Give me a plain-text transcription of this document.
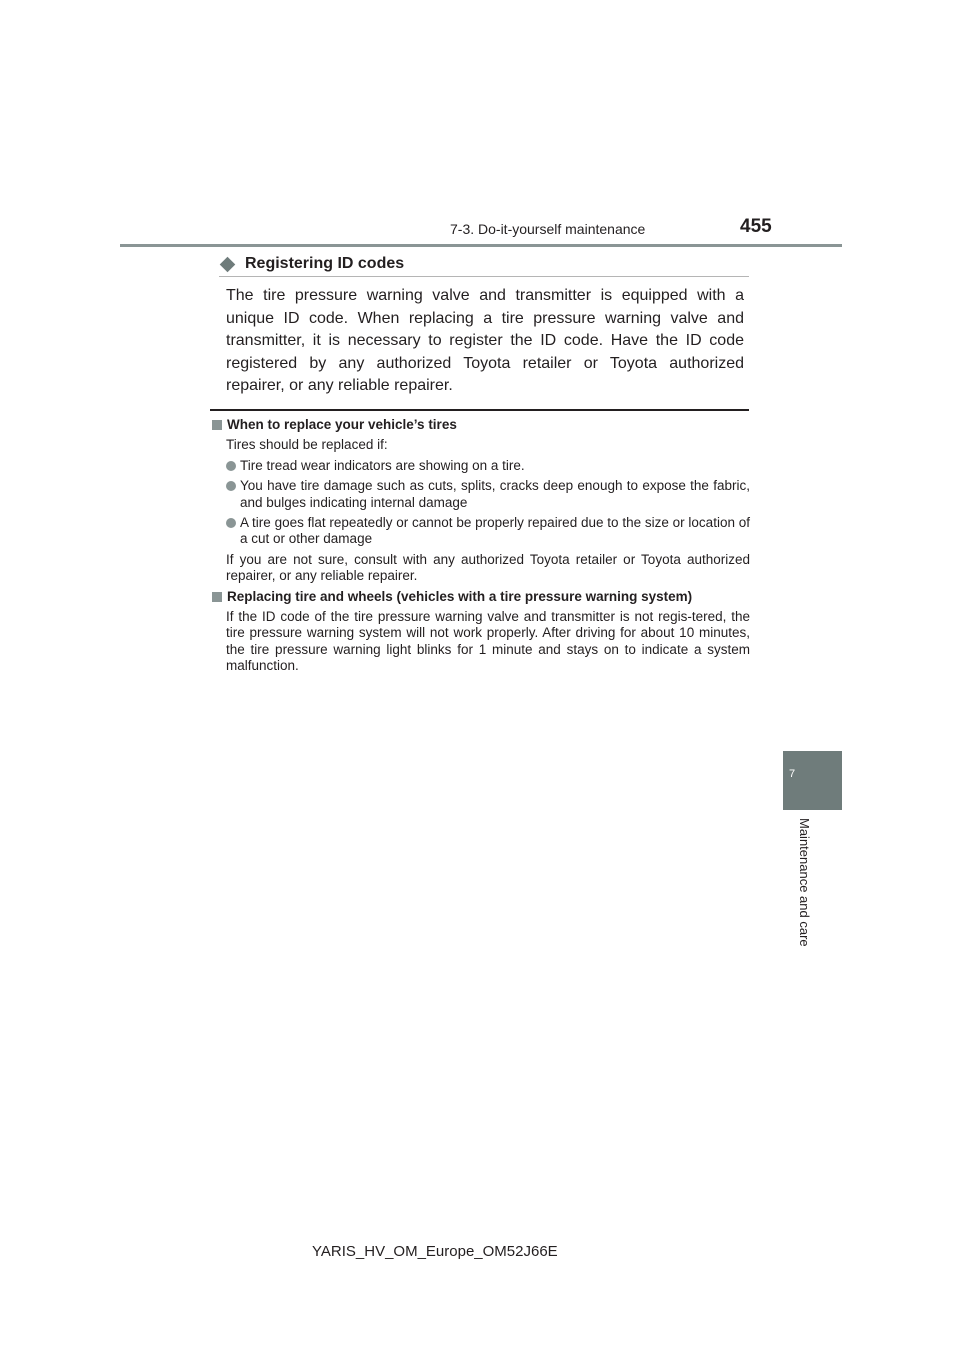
7-3. Do-it-yourself maintenance	455
7
Maintenance and care
Registering ID codes
The tire pressure warning valve and transmitter is equipped with a unique ID code. When replacing a tire pressure warning valve and transmitter, it is necessary to register the ID code. Have the ID code registered by any authorized Toyota retailer or Toyota authorized repairer, or any reliable repairer.

When to replace your vehicle’s tires

Tires should be replaced if:

Tire tread wear indicators are showing on a tire.
You have tire damage such as cuts, splits, cracks deep enough to expose the fabric, and bulges indicating internal damage
A tire goes flat repeatedly or cannot be properly repaired due to the size or location of a cut or other damage

If you are not sure, consult with any authorized Toyota retailer or Toyota authorized repairer, or any reliable repairer.

Replacing tire and wheels (vehicles with a tire pressure warning system)

If the ID code of the tire pressure warning valve and transmitter is not regis-tered, the tire pressure warning system will not work properly. After driving for about 10 minutes, the tire pressure warning light blinks for 1 minute and stays on to indicate a system malfunction.

YARIS_HV_OM_Europe_OM52J66E
